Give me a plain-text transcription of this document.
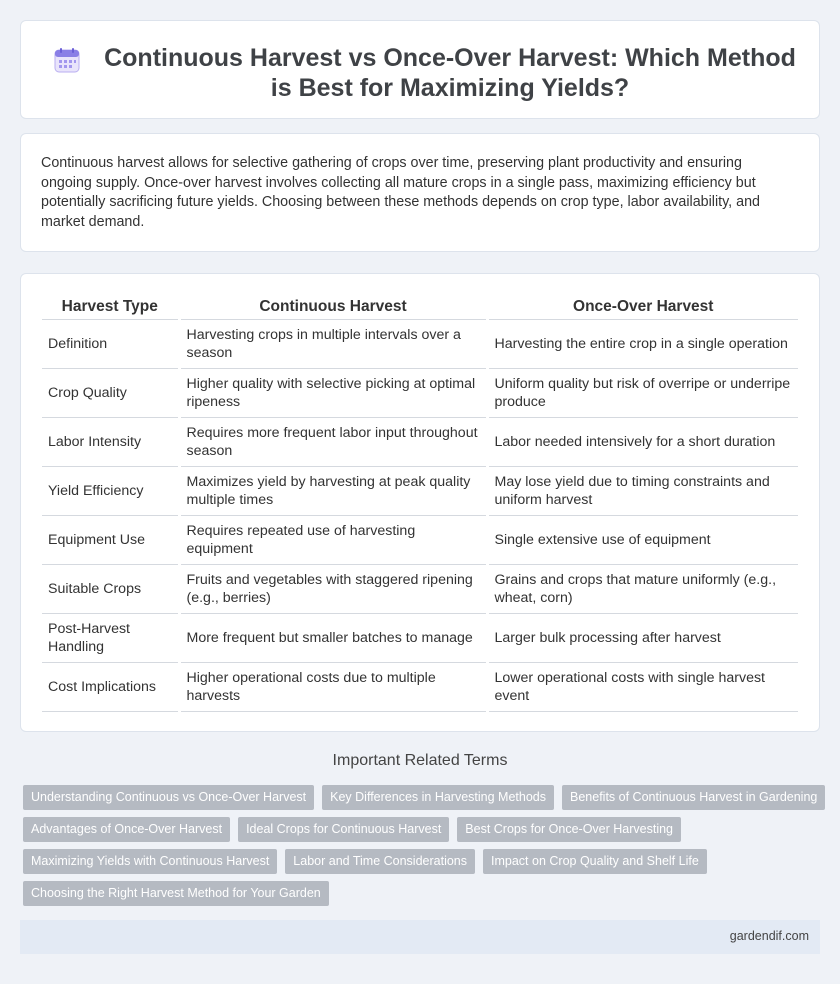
Continuous Harvest vs Once-Over Harvest: Which Method is Best for Maximizing Yields?

Continuous harvest allows for selective gathering of crops over time, preserving plant productivity and ensuring ongoing supply. Once-over harvest involves collecting all mature crops in a single pass, maximizing efficiency but potentially sacrificing future yields. Choosing between these methods depends on crop type, labor availability, and market demand.

Harvest Type	Continuous Harvest	Once-Over Harvest
Definition	Harvesting crops in multiple intervals over a season	Harvesting the entire crop in a single operation
Crop Quality	Higher quality with selective picking at optimal ripeness	Uniform quality but risk of overripe or underripe produce
Labor Intensity	Requires more frequent labor input throughout season	Labor needed intensively for a short duration
Yield Efficiency	Maximizes yield by harvesting at peak quality multiple times	May lose yield due to timing constraints and uniform harvest
Equipment Use	Requires repeated use of harvesting equipment	Single extensive use of equipment
Suitable Crops	Fruits and vegetables with staggered ripening (e.g., berries)	Grains and crops that mature uniformly (e.g., wheat, corn)
Post-Harvest Handling	More frequent but smaller batches to manage	Larger bulk processing after harvest
Cost Implications	Higher operational costs due to multiple harvests	Lower operational costs with single harvest event
Important Related Terms
Understanding Continuous vs Once-Over Harvest	Key Differences in Harvesting Methods	Benefits of Continuous Harvest in Gardening
Advantages of Once-Over Harvest	Ideal Crops for Continuous Harvest	Best Crops for Once-Over Harvesting
Maximizing Yields with Continuous Harvest	Labor and Time Considerations	Impact on Crop Quality and Shelf Life
Choosing the Right Harvest Method for Your Garden
gardendif.com
